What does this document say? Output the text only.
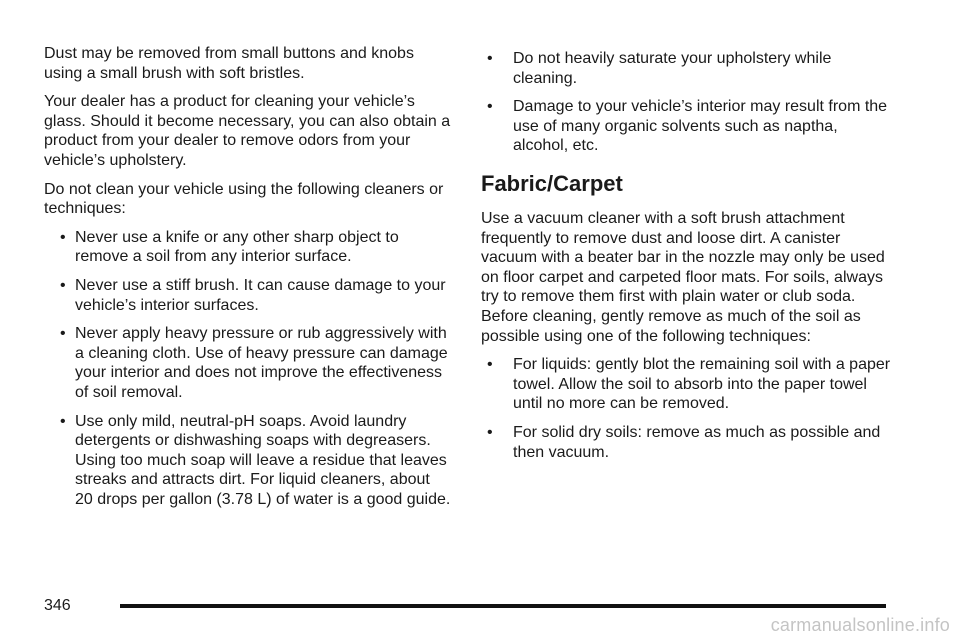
Dust may be removed from small buttons and knobs using a small brush with soft bristles.

Your dealer has a product for cleaning your vehicle’s glass. Should it become necessary, you can also obtain a product from your dealer to remove odors from your vehicle’s upholstery.

Do not clean your vehicle using the following cleaners or techniques:

• Never use a knife or any other sharp object to remove a soil from any interior surface.
• Never use a stiff brush. It can cause damage to your vehicle’s interior surfaces.
• Never apply heavy pressure or rub aggressively with a cleaning cloth. Use of heavy pressure can damage your interior and does not improve the effectiveness of soil removal.
• Use only mild, neutral-pH soaps. Avoid laundry detergents or dishwashing soaps with degreasers. Using too much soap will leave a residue that leaves streaks and attracts dirt. For liquid cleaners, about 20 drops per gallon (3.78 L) of water is a good guide.
• Do not heavily saturate your upholstery while cleaning.
• Damage to your vehicle’s interior may result from the use of many organic solvents such as naptha, alcohol, etc.
Fabric/Carpet

Use a vacuum cleaner with a soft brush attachment frequently to remove dust and loose dirt. A canister vacuum with a beater bar in the nozzle may only be used on floor carpet and carpeted floor mats. For soils, always try to remove them first with plain water or club soda. Before cleaning, gently remove as much of the soil as possible using one of the following techniques:

• For liquids: gently blot the remaining soil with a paper towel. Allow the soil to absorb into the paper towel until no more can be removed.
• For solid dry soils: remove as much as possible and then vacuum.
346
carmanualsonline.info
